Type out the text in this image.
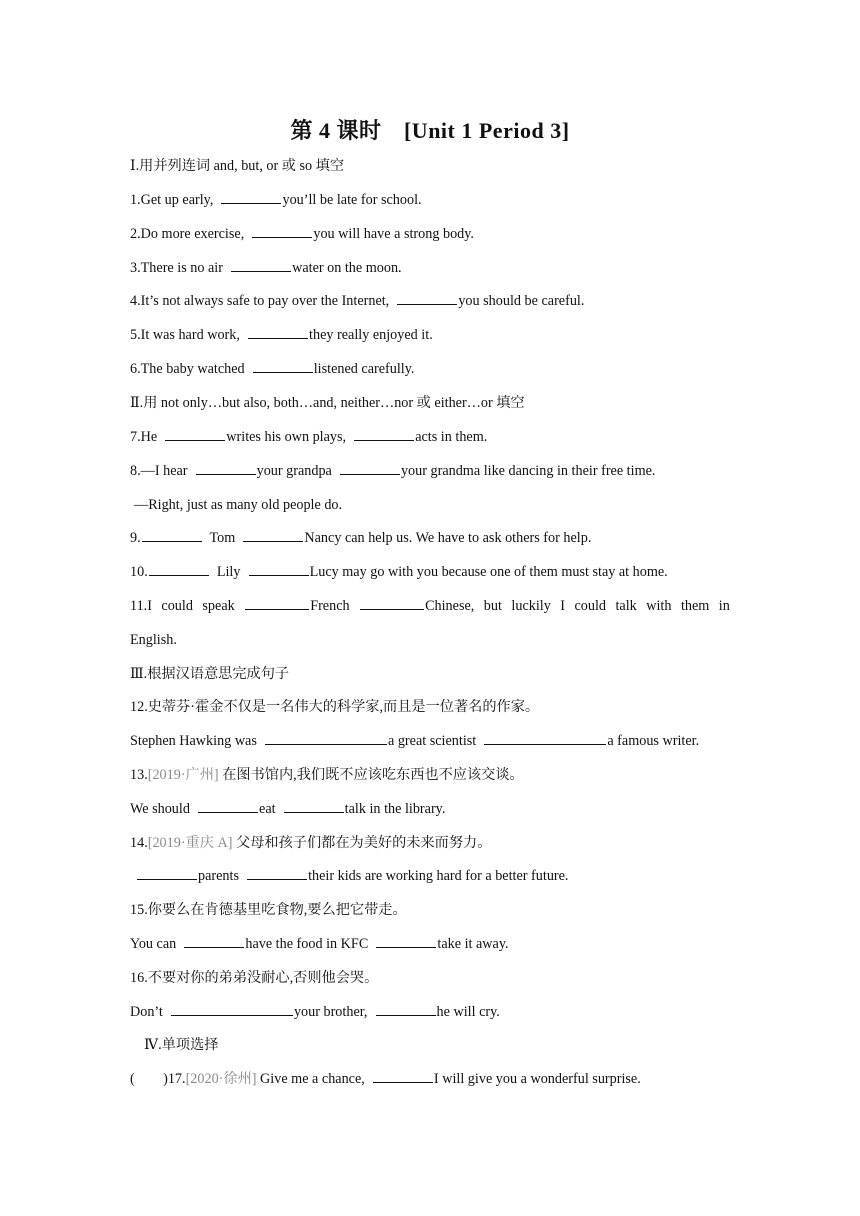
第 4 课时　[Unit 1 Period 3]
Ⅰ.用并列连词 and, but, or 或 so 填空
1.Get up early,	you’ll be late for school.
2.Do more exercise,	you will have a strong body.
3.There is no air	water on the moon.
4.It’s not always safe to pay over the Internet,	you should be careful.
5.It was hard work,	they really enjoyed it.
6.The baby watched	listened carefully.
Ⅱ.用 not only…but also, both…and, neither…nor 或 either…or 填空
7.He	writes his own plays,	acts in them.
8.—I hear	your grandpa	your grandma like dancing in their free time.
—Right, just as many old people do.
9.	Tom	Nancy can help us. We have to ask others for help.
10.	Lily	Lucy may go with you because one of them must stay at home.
11.I could speak	French	Chinese, but luckily I could talk with them in
English.
Ⅲ.根据汉语意思完成句子
12.史蒂芬·霍金不仅是一名伟大的科学家,而且是一位著名的作家。
Stephen Hawking was	a great scientist	a famous writer.
13.[2019·广州] 在图书馆内,我们既不应该吃东西也不应该交谈。
We should	eat	talk in the library.
14.[2019·重庆 A] 父母和孩子们都在为美好的未来而努力。
parents	their kids are working hard for a better future.
15.你要么在肯德基里吃食物,要么把它带走。
You can	have the food in KFC	take it away.
16.不要对你的弟弟没耐心,否则他会哭。
Don’t	your brother,	he will cry.
Ⅳ.单项选择
(        )17.[2020·徐州] Give me a chance,	I will give you a wonderful surprise.
